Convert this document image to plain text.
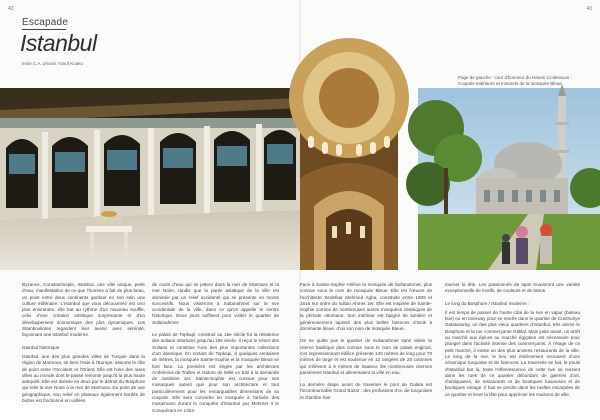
42	43
Escapade
Istanbul
texte C.A. photos Yusuf Kuaku
Page de gauche : cour d'honneur du Harem Ci-dessous : Coupole intérieure et minarets de la mosquée Bleue

Byzance, Constantinople, Istanbul, une ville unique, perle d'eau, manifestation de ce que l'homme a fait de plus beau, un point entre deux continents gardant en son sein une culture millénaire. L'Istanbul que vous découvrirez est ceci plus enivrantes, elle bat au rythme d'un nouveau souffle, celui d'une création artistique surprenante et d'un développement économique des plus dynamiques. Les Stambouliotes regardent leur avenir avec sérénité, façonnant une Istanbul moderne.

Istanbul historique

Istanbul, une des plus grandes villes de Turquie dans la région de Marmara, se tient l'Asie à l'Europe, assume le rôle de point entre l'Occident et l'Orient. Elle est l'une des rares villes au monde dont le passé remonte jusqu'à la plus haute antiquité. Elle est divisée en deux par le détroit du Bosphore qui relie la mer Noire à la mer de Marmara. Du point de vue géographique, son relief en plateaux également bordés de buttes est fractionné en vallées

de cours d'eau qui se jettent dans la mer de Marmara et la mer Noire, tandis que la partie asiatique de la ville est dominée par un relief accidenté qui se présente en monts successifs. Nous visiterons à Sultanahmet sur la rive occidentale de la ville, dans ce qu'on appelle le centre historique. Deux jours suffisent pour visiter le quartier de Sultanahmet.

Le palais de Topkapi, construit au 15e siècle fut la résidence des sultans ottomans jusqu'au 19e siècle. Il reçut le trésor des Sultans et constitue l'une des plus importantes collections d'art islamique. En sortant de Topkapi, à quelques centaines de mètres, la mosquée Sainte-Sophie et la mosquée Bleue se font face. La première est érigée par les architectes Anthémios de Tralles et Isidore de Milet en 532 à la demande de Justinien 1er. Sainte-Sophie est connue pour ses mosaïques autant que pour son architecture et tout particulièrement pour les remarquables dimensions de sa coupole. Elle sera convertie en mosquée à l'arrivée des musulmans durant la conquête d'Istanbul par Mehmet II le Conquérant en 1453.

Face à Sainte-Sophie s'élève la mosquée de Sultanahmet, plus connue sous le nom de mosquée Bleue. Elle est l'œuvre de l'architecte Sedefkar Mehmed Agha, construite entre 1609 et 1616 sur ordre du sultan Ahmet 1er. Elle est inspirée de Sainte-Sophie comme de nombreuses autres mosquées classiques de la période ottomane. Son intérieur est baigné de lumière et généreusement tapissé des plus belles faïences d'Iznik à dominante bleue, d'où son nom de mosquée Bleue.

On ne quitte pas le quartier de Sultanahmet sans visiter la citerne basilique plus connue sous le nom de palais englouti. Cet impressionnant édifice présente 140 mètres de long pour 70 mètres de large et est soutenue en 12 rangées de 28 colonnes qui s'élèvent à 9 mètres de hauteur. De nombreuses citernes parsèment Istanbul et alimentaient la ville en eau.

La dernière étape avant de traverser le pont de Galata est l'incontournable Grand Bazar : des profusions d'or, de turquoises et d'ambre font

tourner la tête. Les passionnés de tapis trouveront une variété exceptionnelle de motifs, de couleurs et de tissus.

Le long du Bosphore / Istanbul moderne :

Il est temps de passer de l'autre côté de la rive en vapur (bateau bus) ou en tramway pour se rendre dans le quartier de Cumhuriye Galatasaray, un des plus vieux quartiers d'Istanbul, très animé le Bosphore et la rue commerçante Istiklal. Mais juste avant, un arrêt au marché aux épices au marché égyptien est nécessaire pour plonger dans l'activité intense des commerçants. À l'étage de ce petit marché, il existe un des plus anciens restaurants de la ville. Le long de la rive, le lieu est entièrement recouvert d'une céramique turquoise et de faïences. La traversée se fait, le pouls d'Istanbul bat là, toute l'effervescence de cette rive se ressent dans les rues de ce quartier débordant de galeries d'art, d'antiquaires, de restaurants et de boutiques luxueuses et de boutiques vintage. Il faut se perdre dans les ruelles escarpées de ce quartier et lever la tête pour apprécier les maisons de ville.
